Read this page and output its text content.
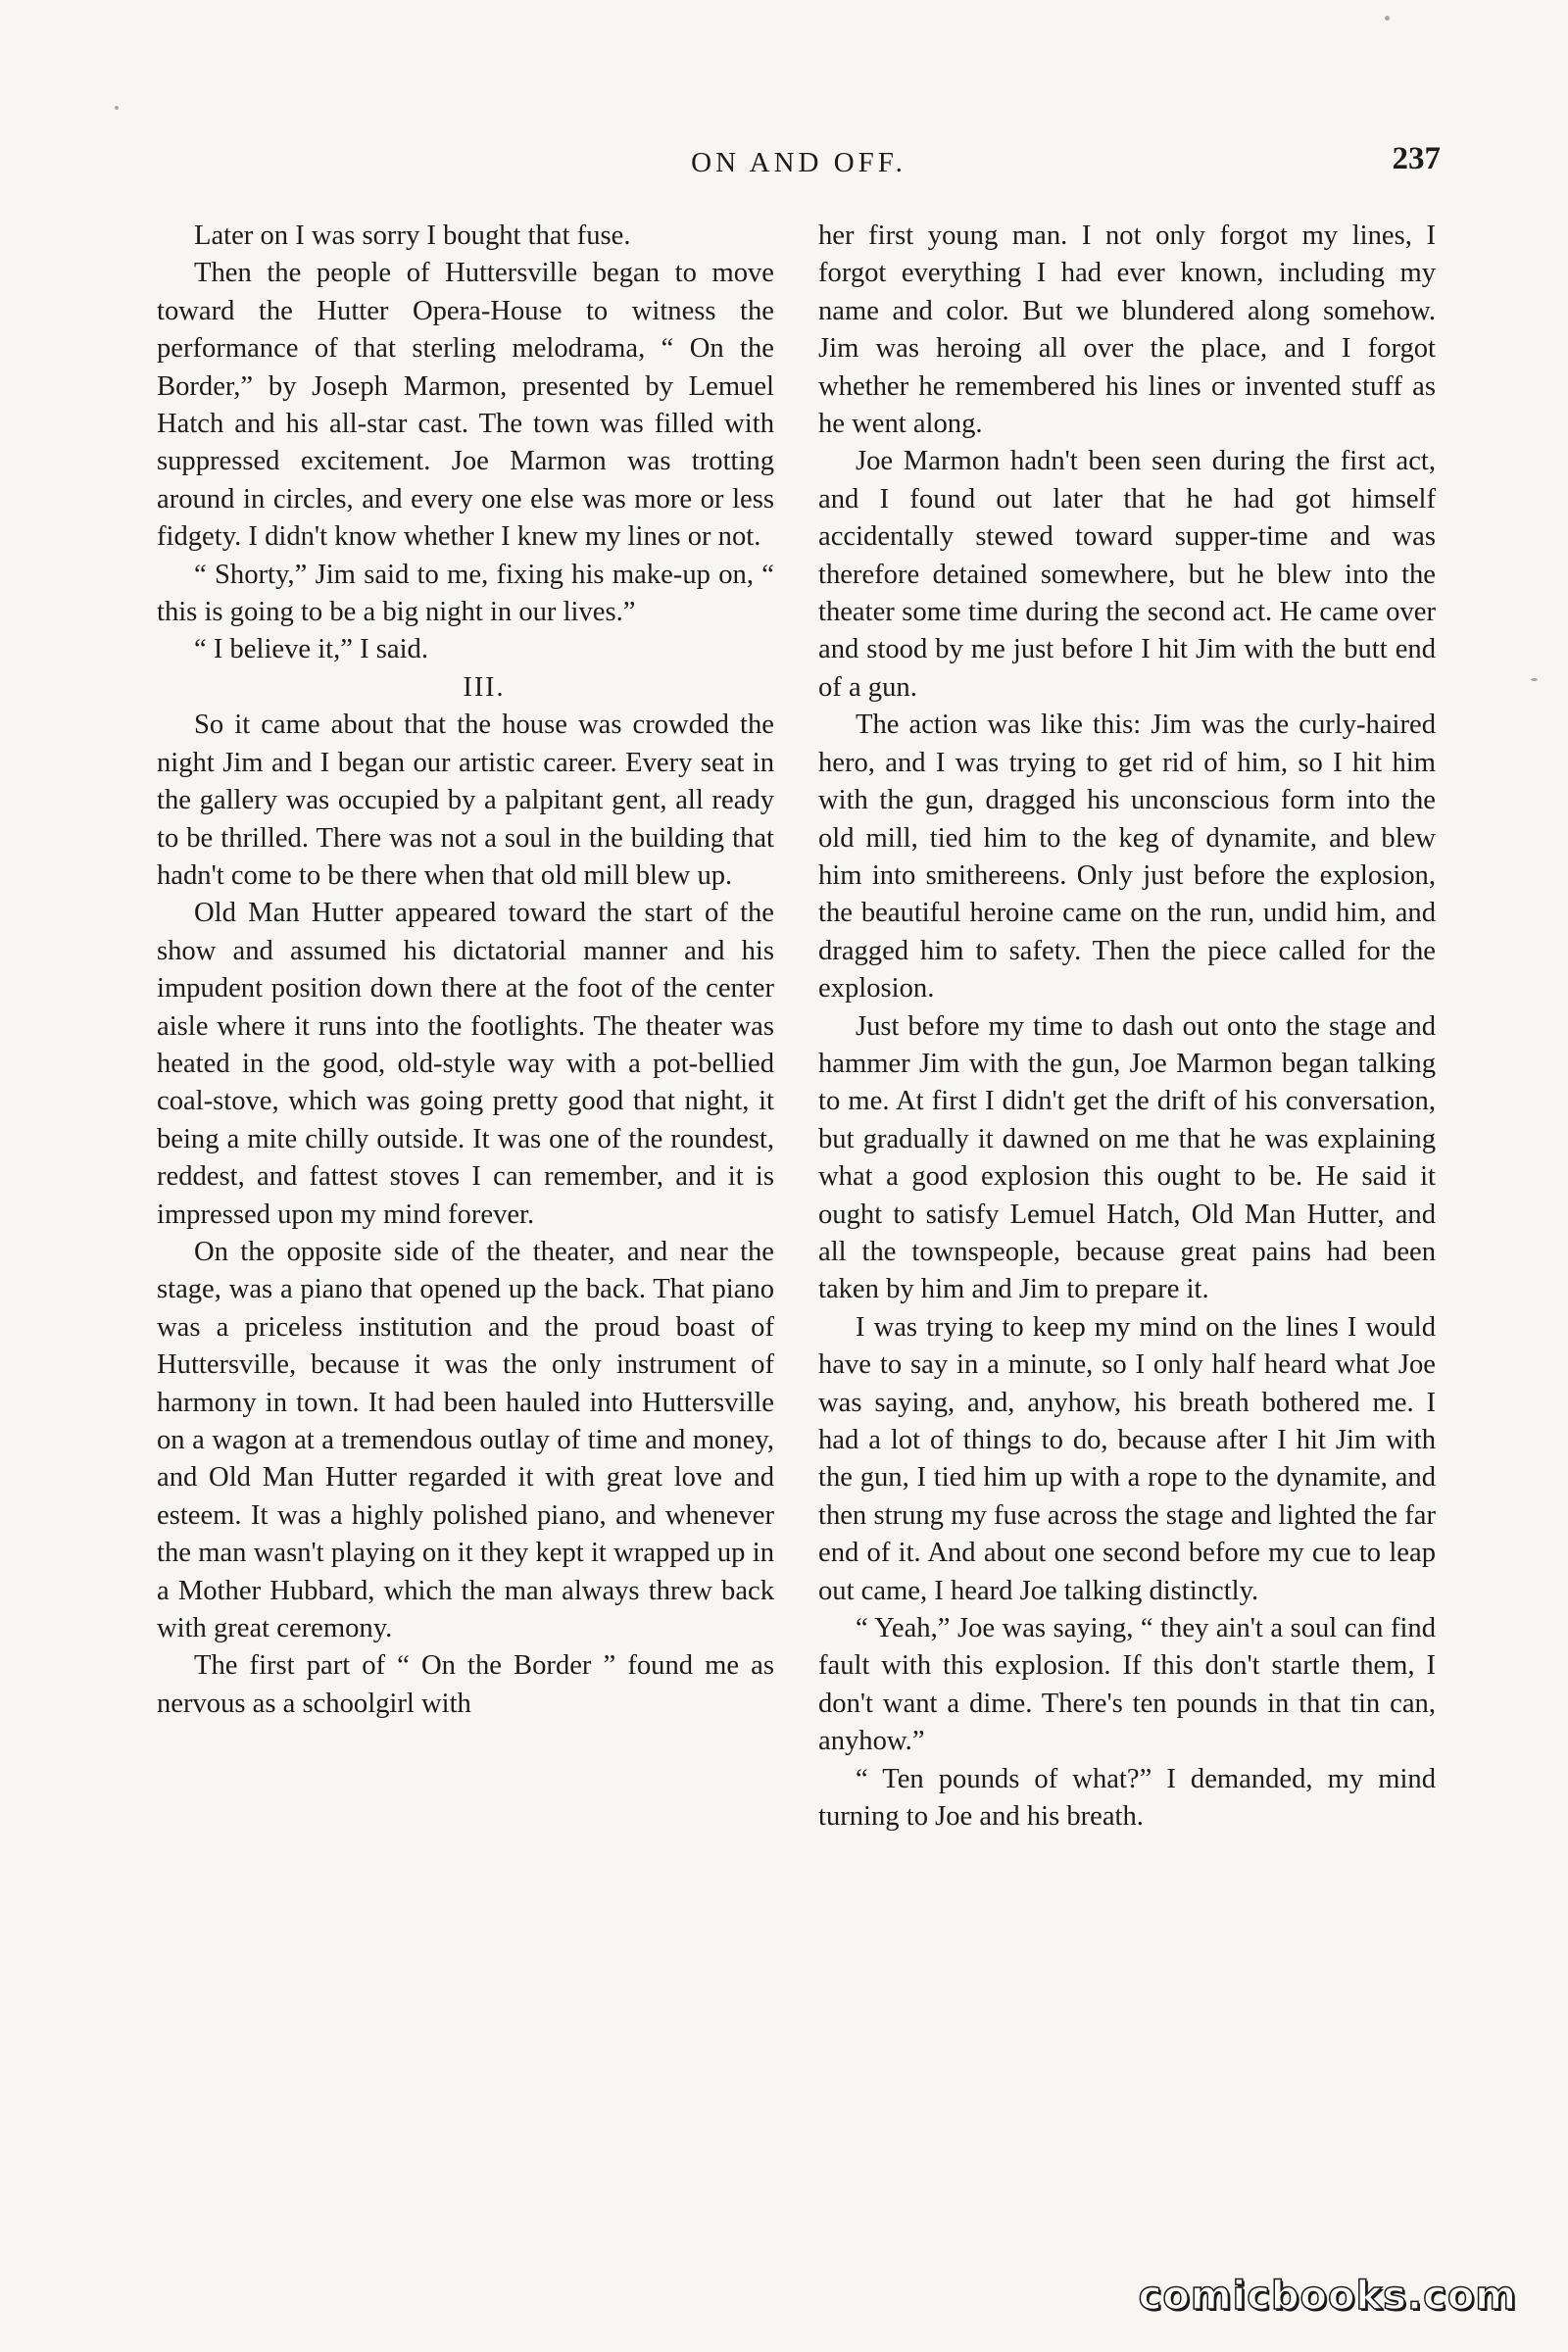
ON AND OFF.	237

Later on I was sorry I bought that fuse.

Then the people of Huttersville began to move toward the Hutter Opera-House to witness the performance of that sterling melodrama, “ On the Border,” by Joseph Marmon, presented by Lemuel Hatch and his all-star cast. The town was filled with suppressed excitement. Joe Marmon was trotting around in circles, and every one else was more or less fidgety. I didn't know whether I knew my lines or not.

“ Shorty,” Jim said to me, fixing his make-up on, “ this is going to be a big night in our lives.”

“ I believe it,” I said.

III.

So it came about that the house was crowded the night Jim and I began our artistic career. Every seat in the gallery was occupied by a palpitant gent, all ready to be thrilled. There was not a soul in the building that hadn't come to be there when that old mill blew up.

Old Man Hutter appeared toward the start of the show and assumed his dictatorial manner and his impudent position down there at the foot of the center aisle where it runs into the footlights. The theater was heated in the good, old-style way with a pot-bellied coal-stove, which was going pretty good that night, it being a mite chilly outside. It was one of the roundest, reddest, and fattest stoves I can remember, and it is impressed upon my mind forever.

On the opposite side of the theater, and near the stage, was a piano that opened up the back. That piano was a priceless institution and the proud boast of Huttersville, because it was the only instrument of harmony in town. It had been hauled into Huttersville on a wagon at a tremendous outlay of time and money, and Old Man Hutter regarded it with great love and esteem. It was a highly polished piano, and whenever the man wasn't playing on it they kept it wrapped up in a Mother Hubbard, which the man always threw back with great ceremony.

The first part of “ On the Border ” found me as nervous as a schoolgirl with

her first young man. I not only forgot my lines, I forgot everything I had ever known, including my name and color. But we blundered along somehow. Jim was heroing all over the place, and I forgot whether he remembered his lines or invented stuff as he went along.

Joe Marmon hadn't been seen during the first act, and I found out later that he had got himself accidentally stewed toward supper-time and was therefore detained somewhere, but he blew into the theater some time during the second act. He came over and stood by me just before I hit Jim with the butt end of a gun.

The action was like this: Jim was the curly-haired hero, and I was trying to get rid of him, so I hit him with the gun, dragged his unconscious form into the old mill, tied him to the keg of dynamite, and blew him into smithereens. Only just before the explosion, the beautiful heroine came on the run, undid him, and dragged him to safety. Then the piece called for the explosion.

Just before my time to dash out onto the stage and hammer Jim with the gun, Joe Marmon began talking to me. At first I didn't get the drift of his conversation, but gradually it dawned on me that he was explaining what a good explosion this ought to be. He said it ought to satisfy Lemuel Hatch, Old Man Hutter, and all the townspeople, because great pains had been taken by him and Jim to prepare it.

I was trying to keep my mind on the lines I would have to say in a minute, so I only half heard what Joe was saying, and, anyhow, his breath bothered me. I had a lot of things to do, because after I hit Jim with the gun, I tied him up with a rope to the dynamite, and then strung my fuse across the stage and lighted the far end of it. And about one second before my cue to leap out came, I heard Joe talking distinctly.

“ Yeah,” Joe was saying, “ they ain't a soul can find fault with this explosion. If this don't startle them, I don't want a dime. There's ten pounds in that tin can, anyhow.”

“ Ten pounds of what?” I demanded, my mind turning to Joe and his breath.

comicbooks.com
